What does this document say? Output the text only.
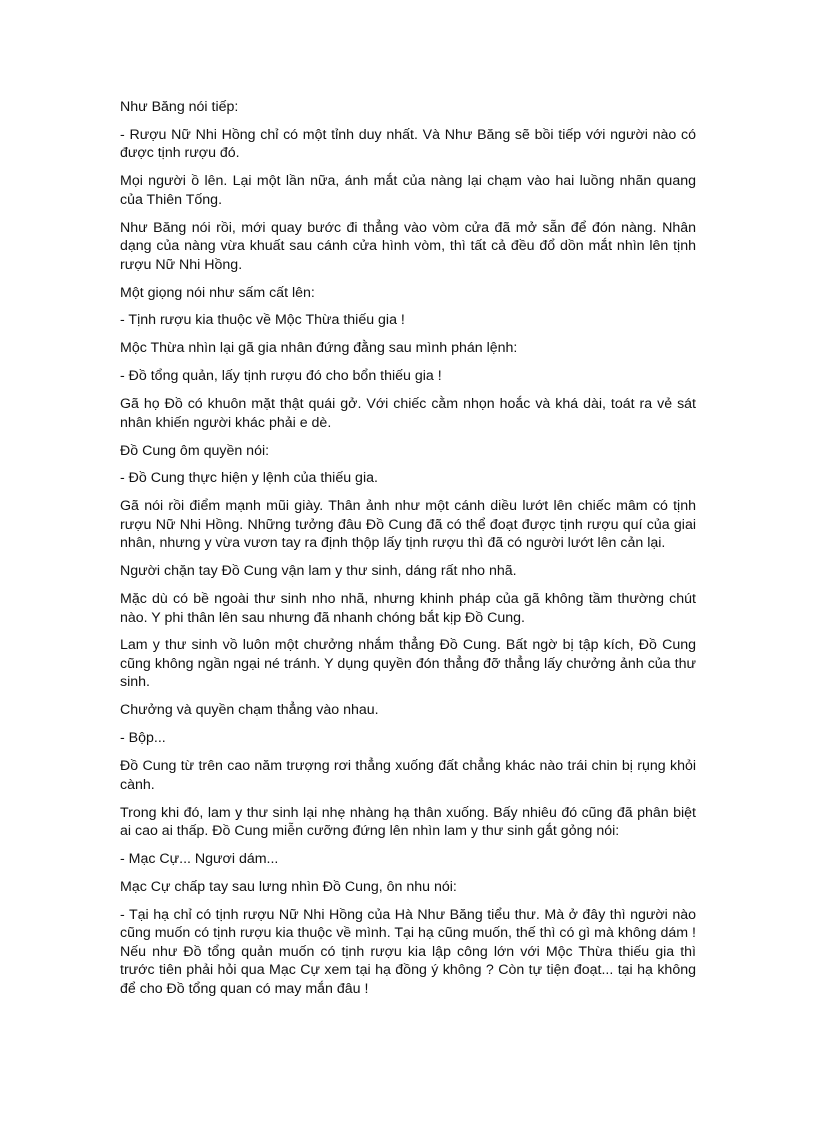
Như Băng nói tiếp:

- Rượu Nữ Nhi Hồng chỉ có một tỉnh duy nhất. Và Như Băng sẽ bồi tiếp với người nào có được tịnh rượu đó.

Mọi người ồ lên. Lại một lần nữa, ánh mắt của nàng lại chạm vào hai luồng nhãn quang của Thiên Tống.

Như Băng nói rồi, mới quay bước đi thẳng vào vòm cửa đã mở sẵn để đón nàng. Nhân dạng của nàng vừa khuất sau cánh cửa hình vòm, thì tất cả đều đổ dồn mắt nhìn lên tịnh rượu Nữ Nhi Hồng.

Một giọng nói như sấm cất lên:

- Tịnh rượu kia thuộc về Mộc Thừa thiếu gia !

Mộc Thừa nhìn lại gã gia nhân đứng đằng sau mình phán lệnh:

- Đồ tổng quản, lấy tịnh rượu đó cho bổn thiếu gia !

Gã họ Đồ có khuôn mặt thật quái gở. Với chiếc cằm nhọn hoắc và khá dài, toát ra vẻ sát nhân khiến người khác phải e dè.

Đồ Cung ôm quyền nói:

- Đồ Cung thực hiện y lệnh của thiếu gia.

Gã nói rồi điểm mạnh mũi giày. Thân ảnh như một cánh diều lướt lên chiếc mâm có tịnh rượu Nữ Nhi Hồng. Những tưởng đâu Đồ Cung đã có thể đoạt được tịnh rượu quí của giai nhân, nhưng y vừa vươn tay ra định thộp lấy tịnh rượu thì đã có người lướt lên cản lại.

Người chặn tay Đồ Cung vận lam y thư sinh, dáng rất nho nhã.

Mặc dù có bề ngoài thư sinh nho nhã, nhưng khinh pháp của gã không tầm thường chút nào. Y phi thân lên sau nhưng đã nhanh chóng bắt kịp Đồ Cung.

Lam y thư sinh vồ luôn một chưởng nhắm thẳng Đồ Cung. Bất ngờ bị tập kích, Đồ Cung cũng không ngần ngại né tránh. Y dụng quyền đón thẳng đỡ thẳng lấy chưởng ảnh của thư sinh.

Chưởng và quyền chạm thẳng vào nhau.

- Bộp...

Đồ Cung từ trên cao năm trượng rơi thẳng xuống đất chẳng khác nào trái chin bị rụng khỏi cành.

Trong khi đó, lam y thư sinh lại nhẹ nhàng hạ thân xuống. Bấy nhiêu đó cũng đã phân biệt ai cao ai thấp. Đồ Cung miễn cưỡng đứng lên nhìn lam y thư sinh gắt gỏng nói:

- Mạc Cự... Ngươi dám...

Mạc Cự chấp tay sau lưng nhìn Đồ Cung, ôn nhu nói:

- Tại hạ chỉ có tịnh rượu Nữ Nhi Hồng của Hà Như Băng tiểu thư. Mà ở đây thì người nào cũng muốn có tịnh rượu kia thuộc về mình. Tại hạ cũng muốn, thế thì có gì mà không dám ! Nếu như Đồ tổng quản muốn có tịnh rượu kia lập công lớn với Mộc Thừa thiếu gia thì trước tiên phải hỏi qua Mạc Cự xem tại hạ đồng ý không ? Còn tự tiện đoạt... tại hạ không để cho Đồ tổng quan có may mắn đâu !
